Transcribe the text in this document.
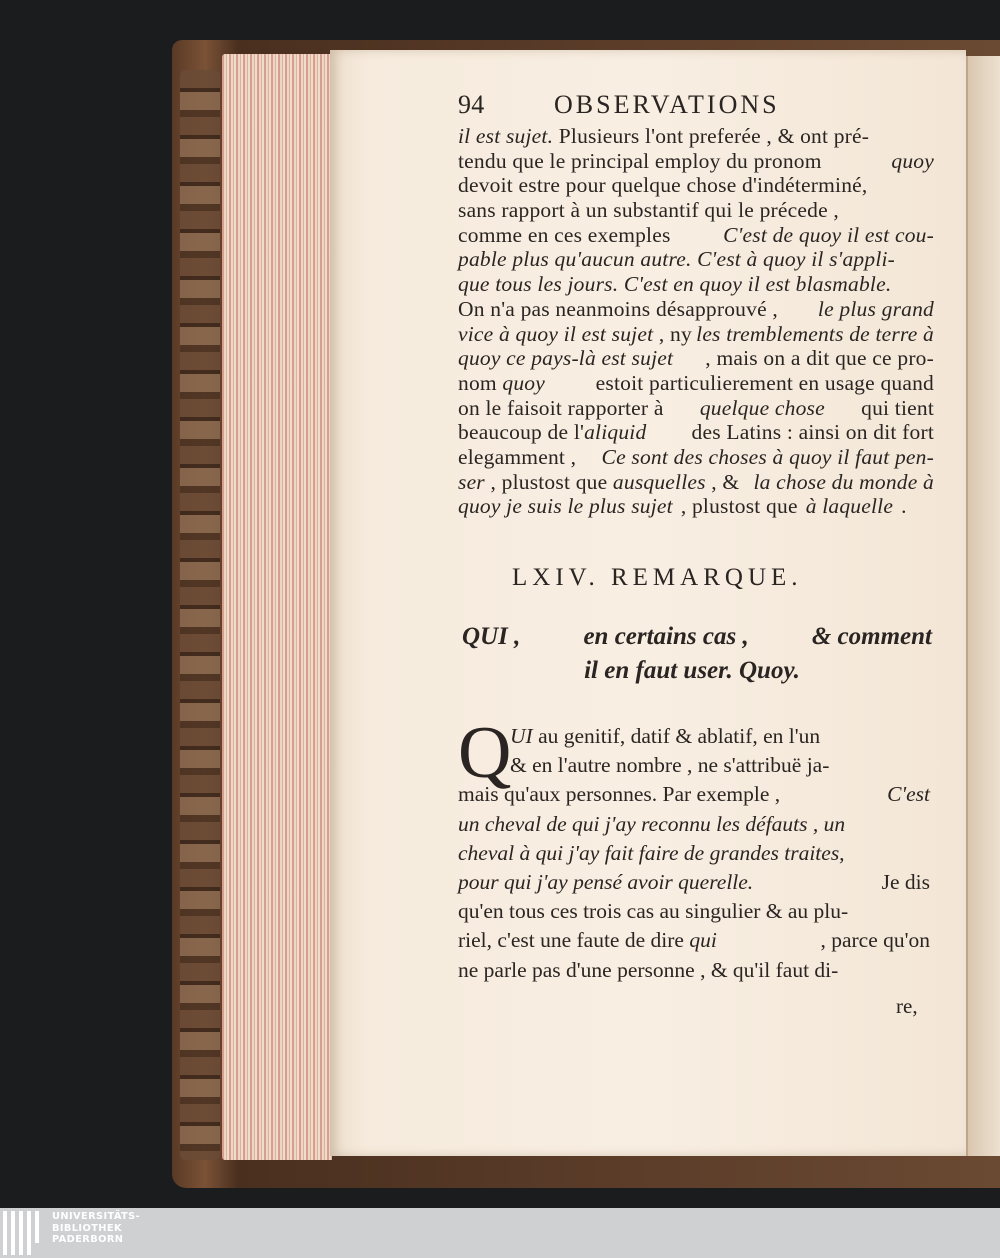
94	OBSERVATIONS
il est sujet. Plusieurs l'ont preferée , & ont pré-
tendu que le principal employ du pronom	quoy
devoit estre pour quelque chose d'indéterminé,
sans rapport à un substantif qui le précede ,
comme en ces exemples C'est de quoy il est cou-
pable plus qu'aucun autre. C'est à quoy il s'appli-
que tous les jours. C'est en quoy il est blasmable.
On n'a pas neanmoins désapprouvé , le plus grand
vice à quoy il est sujet , ny les tremblements de terre à
quoy ce pays-là est sujet , mais on a dit que ce pro-
nom quoy estoit particulierement en usage quand
on le faisoit rapporter à quelque chose qui tient
beaucoup de l'aliquid des Latins : ainsi on dit fort
elegamment , Ce sont des choses à quoy il faut pen-
ser , plustost que ausquelles , & la chose du monde à
quoy je suis le plus sujet , plustost que à laquelle .
LXIV. REMARQUE.
QUI ,	en certains cas ,	& comment
il en faut user. Quoy.
Q
UI au genitif, datif & ablatif, en l'un
& en l'autre nombre , ne s'attribuë ja-
mais qu'aux personnes. Par exemple ,	C'est
un cheval de qui j'ay reconnu les défauts , un
cheval à qui j'ay fait faire de grandes traites,
pour qui j'ay pensé avoir querelle.	Je dis
qu'en tous ces trois cas au singulier & au plu-
riel, c'est une faute de dire qui	, parce qu'on
ne parle pas d'une personne , & qu'il faut di-
re,
UNIVERSITÄTS-
BIBLIOTHEK
PADERBORN
